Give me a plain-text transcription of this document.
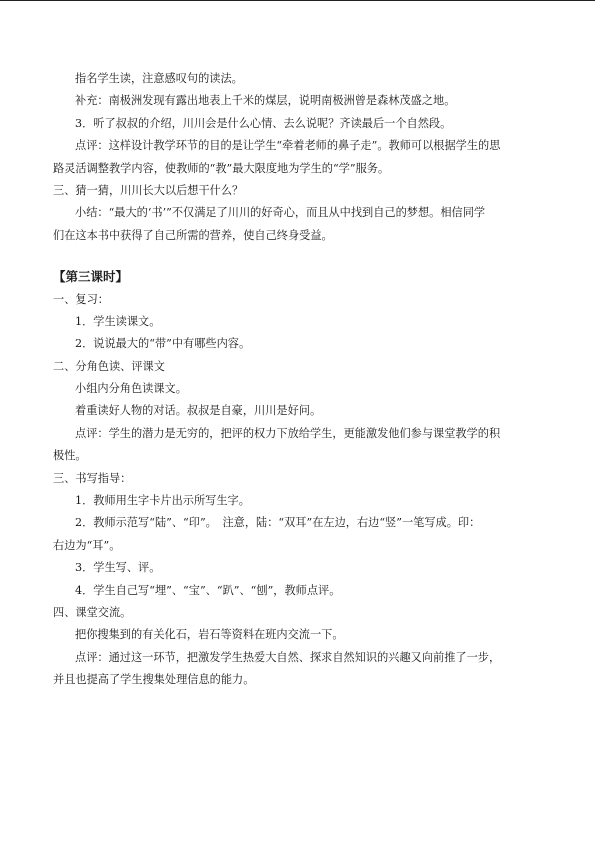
指名学生读，注意感叹句的读法。
补充：南极洲发现有露出地表上千米的煤层，说明南极洲曾是森林茂盛之地。
3．听了叔叔的介绍，川川会是什么心情、去么说呢？齐读最后一个自然段。
点评：这样设计教学环节的目的是让学生“牵着老师的鼻子走”。教师可以根据学生的思
路灵活调整教学内容，使教师的“教”最大限度地为学生的“学”服务。
三、猜一猜，川川长大以后想干什么？
小结：“最大的‘书’”不仅满足了川川的好奇心，而且从中找到自己的梦想。相信同学
们在这本书中获得了自己所需的营养，使自己终身受益。
【第三课时】
一、复习：
1．学生读课文。
2．说说最大的“带”中有哪些内容。
二、分角色读、评课文
小组内分角色读课文。
着重读好人物的对话。叔叔是自豪，川川是好问。
点评：学生的潜力是无穷的，把评的权力下放给学生，更能激发他们参与课堂教学的积
极性。
三、书写指导：
1．教师用生字卡片出示所写生字。
2．教师示范写“陆”、“印”。　注意，陆：“双耳”在左边，右边“竖”一笔写成。印：
右边为“耳”。
3．学生写、评。
4．学生自己写“埋”、“宝”、“趴”、“刨”，教师点评。
四、课堂交流。
把你搜集到的有关化石，岩石等资料在班内交流一下。
点评：通过这一环节，把激发学生热爱大自然、探求自然知识的兴趣又向前推了一步，
并且也提高了学生搜集处理信息的能力。
